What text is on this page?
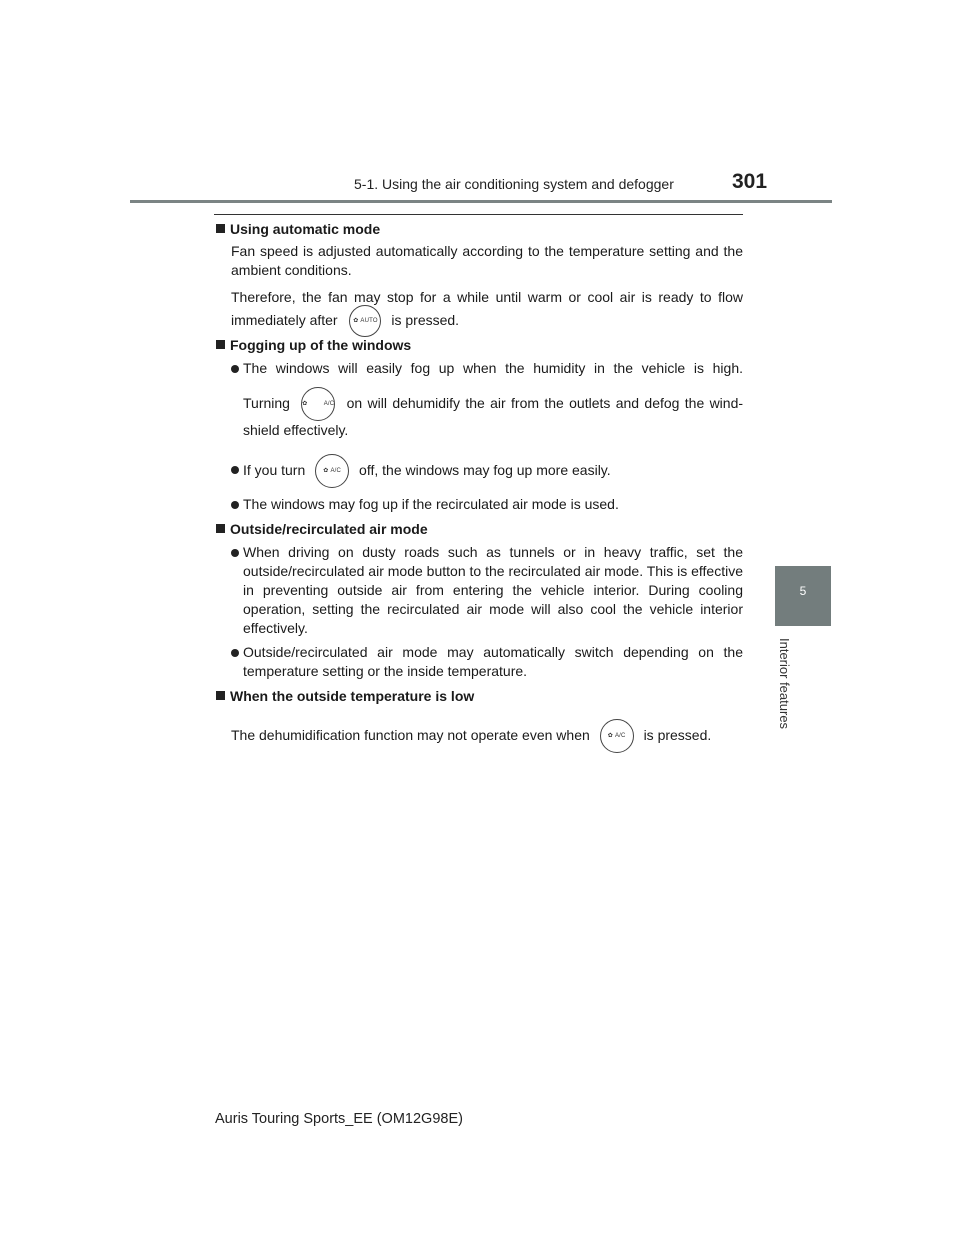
5-1. Using the air conditioning system and defogger	301
5
Interior features
Using automatic mode
Fan speed is adjusted automatically according to the temperature setting and the ambient conditions.
Therefore, the fan may stop for a while until warm or cool air is ready to flow
immediately after	✿ AUTO is pressed.
Fogging up of the windows
The windows will easily fog up when the humidity in the vehicle is high.
Turning ✿ A/C on will dehumidify the air from the outlets and defog the wind-
shield effectively.
If you turn	✿ A/C	off, the windows may fog up more easily.
The windows may fog up if the recirculated air mode is used.
Outside/recirculated air mode
When driving on dusty roads such as tunnels or in heavy traffic, set the outside/recirculated air mode button to the recirculated air mode. This is effective in preventing outside air from entering the vehicle interior. During cooling operation, setting the recirculated air mode will also cool the vehicle interior effectively.
Outside/recirculated air mode may automatically switch depending on the temperature setting or the inside temperature.
When the outside temperature is low
The dehumidification function may not operate even when	✿ A/C	is pressed.
Auris Touring Sports_EE (OM12G98E)
